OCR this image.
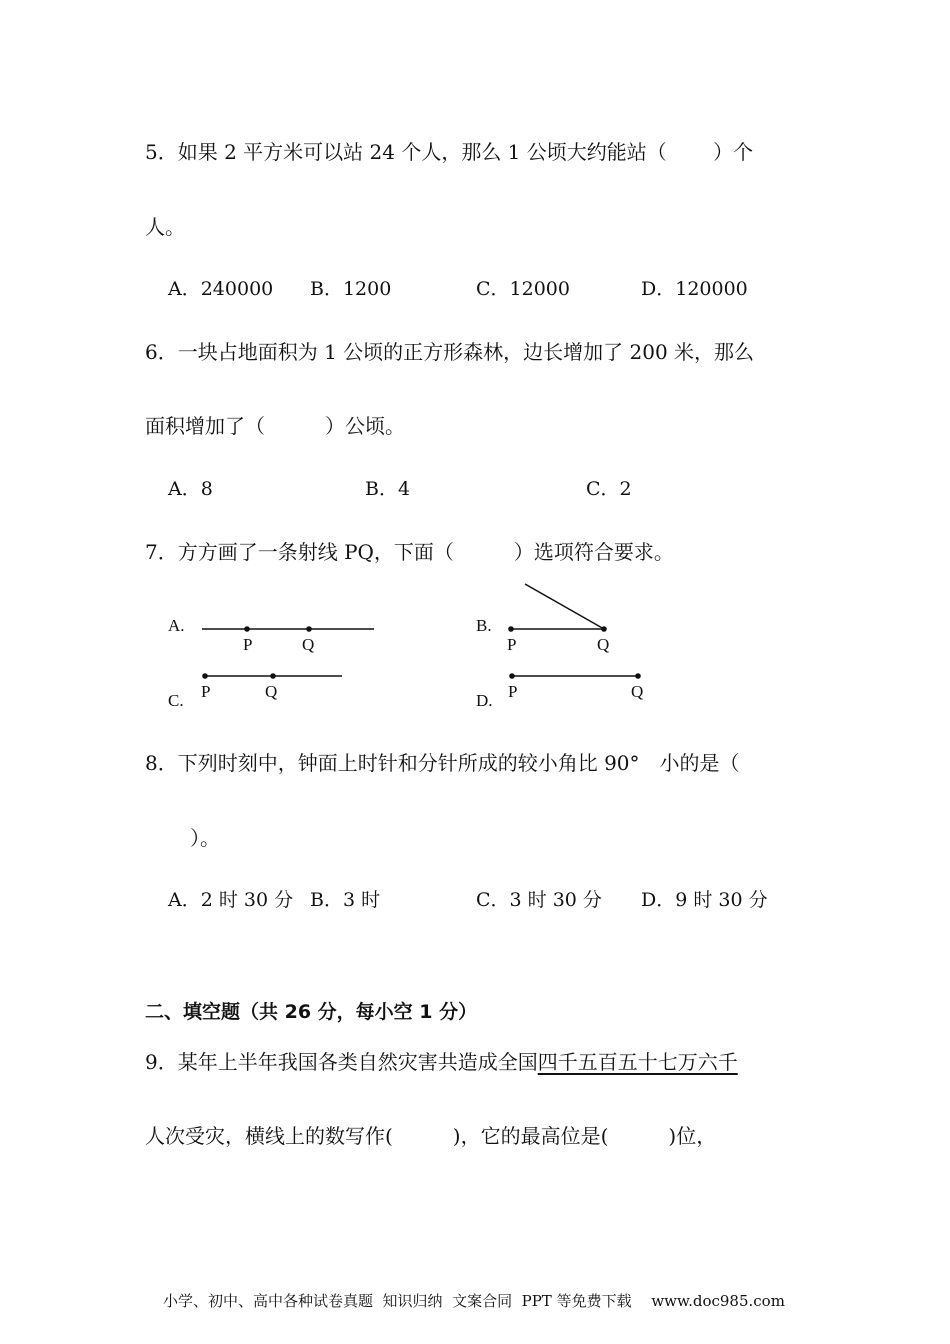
5．如果 2 平方米可以站 24 个人，那么 1 公顷大约能站（　　 ）个
人。
A．240000 B．1200	C．12000	D．120000
6．一块占地面积为 1 公顷的正方形森林，边长增加了 200 米，那么
面积增加了（　　　）公顷。
A．8	B．4	C．2
7．方方画了一条射线 PQ，下面（　　　）选项符合要求。
A.
P	Q
B.
P	Q
C. P	Q	D. P	Q
8．下列时刻中，钟面上时针和分针所成的较小角比 90°　小的是（
）。
A．2 时 30 分 B．3 时	C．3 时 30 分 D．9 时 30 分
二、填空题（共 26 分，每小空 1 分）
9．某年上半年我国各类自然灾害共造成全国四千五百五十七万六千
人次受灾，横线上的数写作(　　　)，它的最高位是(　　　)位，
小学、初中、高中各种试卷真题  知识归纳  文案合同  PPT 等免费下载　 www.doc985.com
